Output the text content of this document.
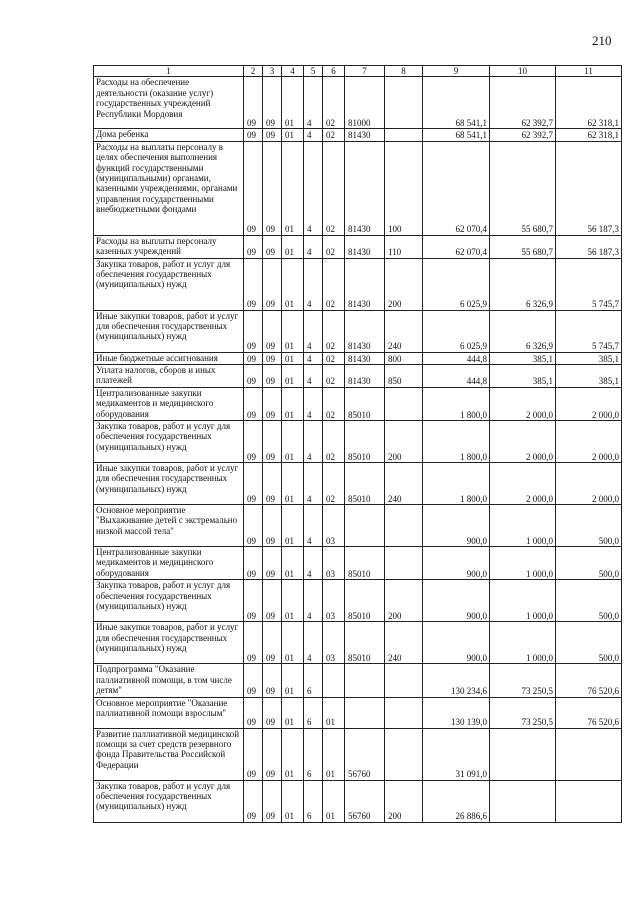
210
1	2	3	4	5	6	7	8	9	10	11
Расходы на обеспечение деятельности (оказание услуг) государственных учреждений Республики Мордовия	09	09	01	4	02	81000		68 541,1	62 392,7	62 318,1
Дома ребенка	09	09	01	4	02	81430		68 541,1	62 392,7	62 318,1
Расходы на выплаты персоналу в целях обеспечения выполнения функций государственными (муниципальными) органами, казенными учреждениями, органами управления государственными внебюджетными фондами	09	09	01	4	02	81430	100	62 070,4	55 680,7	56 187,3
Расходы на выплаты персоналу казенных учреждений	09	09	01	4	02	81430	110	62 070,4	55 680,7	56 187,3
Закупка товаров, работ и услуг для обеспечения государственных (муниципальных) нужд	09	09	01	4	02	81430	200	6 025,9	6 326,9	5 745,7
Иные закупки товаров, работ и услуг для обеспечения государственных (муниципальных) нужд	09	09	01	4	02	81430	240	6 025,9	6 326,9	5 745,7
Иные бюджетные ассигнования	09	09	01	4	02	81430	800	444,8	385,1	385,1
Уплата налогов, сборов и иных платежей	09	09	01	4	02	81430	850	444,8	385,1	385,1
Централизованные закупки медикаментов и медицинского оборудования	09	09	01	4	02	85010		1 800,0	2 000,0	2 000,0
Закупка товаров, работ и услуг для обеспечения государственных (муниципальных) нужд	09	09	01	4	02	85010	200	1 800,0	2 000,0	2 000,0
Иные закупки товаров, работ и услуг для обеспечения государственных (муниципальных) нужд	09	09	01	4	02	85010	240	1 800,0	2 000,0	2 000,0
Основное мероприятие "Выхаживание детей с экстремально низкой массой тела"	09	09	01	4	03			900,0	1 000,0	500,0
Централизованные закупки медикаментов и медицинского оборудования	09	09	01	4	03	85010		900,0	1 000,0	500,0
Закупка товаров, работ и услуг для обеспечения государственных (муниципальных) нужд	09	09	01	4	03	85010	200	900,0	1 000,0	500,0
Иные закупки товаров, работ и услуг для обеспечения государственных (муниципальных) нужд	09	09	01	4	03	85010	240	900,0	1 000,0	500,0
Подпрограмма "Оказание паллиативной помощи, в том числе детям"	09	09	01	6				130 234,6	73 250,5	76 520,6
Основное мероприятие "Оказание паллиативной помощи взрослым"	09	09	01	6	01			130 139,0	73 250,5	76 520,6
Развитие паллиативной медицинской помощи за счет средств резервного фонда Правительства Российской Федерации	09	09	01	6	01	56760		31 091,0		
Закупка товаров, работ и услуг для обеспечения государственных (муниципальных) нужд	09	09	01	6	01	56760	200	26 886,6		
